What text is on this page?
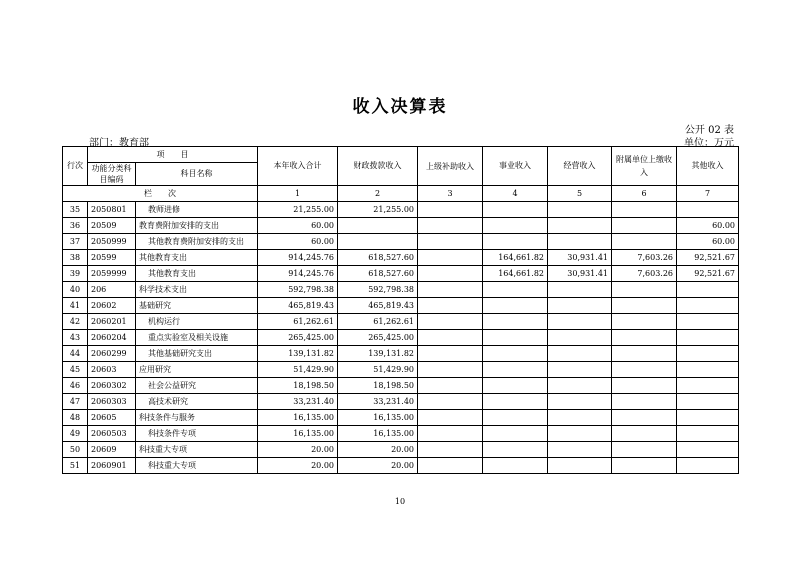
收入决算表
公开 02 表
部门：教育部	单位：万元
行次	项　　目		本年收入合计	财政拨款收入	上级补助收入	事业收入	经营收入	附属单位上缴收入	其他收入
	功能分类科目编码	科目名称							
栏　　次			1	2	3	4	5	6	7
35	2050801	教师进修	21,255.00	21,255.00					
36	20509	教育费附加安排的支出	60.00						60.00
37	2050999	其他教育费附加安排的支出	60.00						60.00
38	20599	其他教育支出	914,245.76	618,527.60		164,661.82	30,931.41	7,603.26	92,521.67
39	2059999	其他教育支出	914,245.76	618,527.60		164,661.82	30,931.41	7,603.26	92,521.67
40	206	科学技术支出	592,798.38	592,798.38					
41	20602	基础研究	465,819.43	465,819.43					
42	2060201	机构运行	61,262.61	61,262.61					
43	2060204	重点实验室及相关设施	265,425.00	265,425.00					
44	2060299	其他基础研究支出	139,131.82	139,131.82					
45	20603	应用研究	51,429.90	51,429.90					
46	2060302	社会公益研究	18,198.50	18,198.50					
47	2060303	高技术研究	33,231.40	33,231.40					
48	20605	科技条件与服务	16,135.00	16,135.00					
49	2060503	科技条件专项	16,135.00	16,135.00					
50	20609	科技重大专项	20.00	20.00					
51	2060901	科技重大专项	20.00	20.00					
10
